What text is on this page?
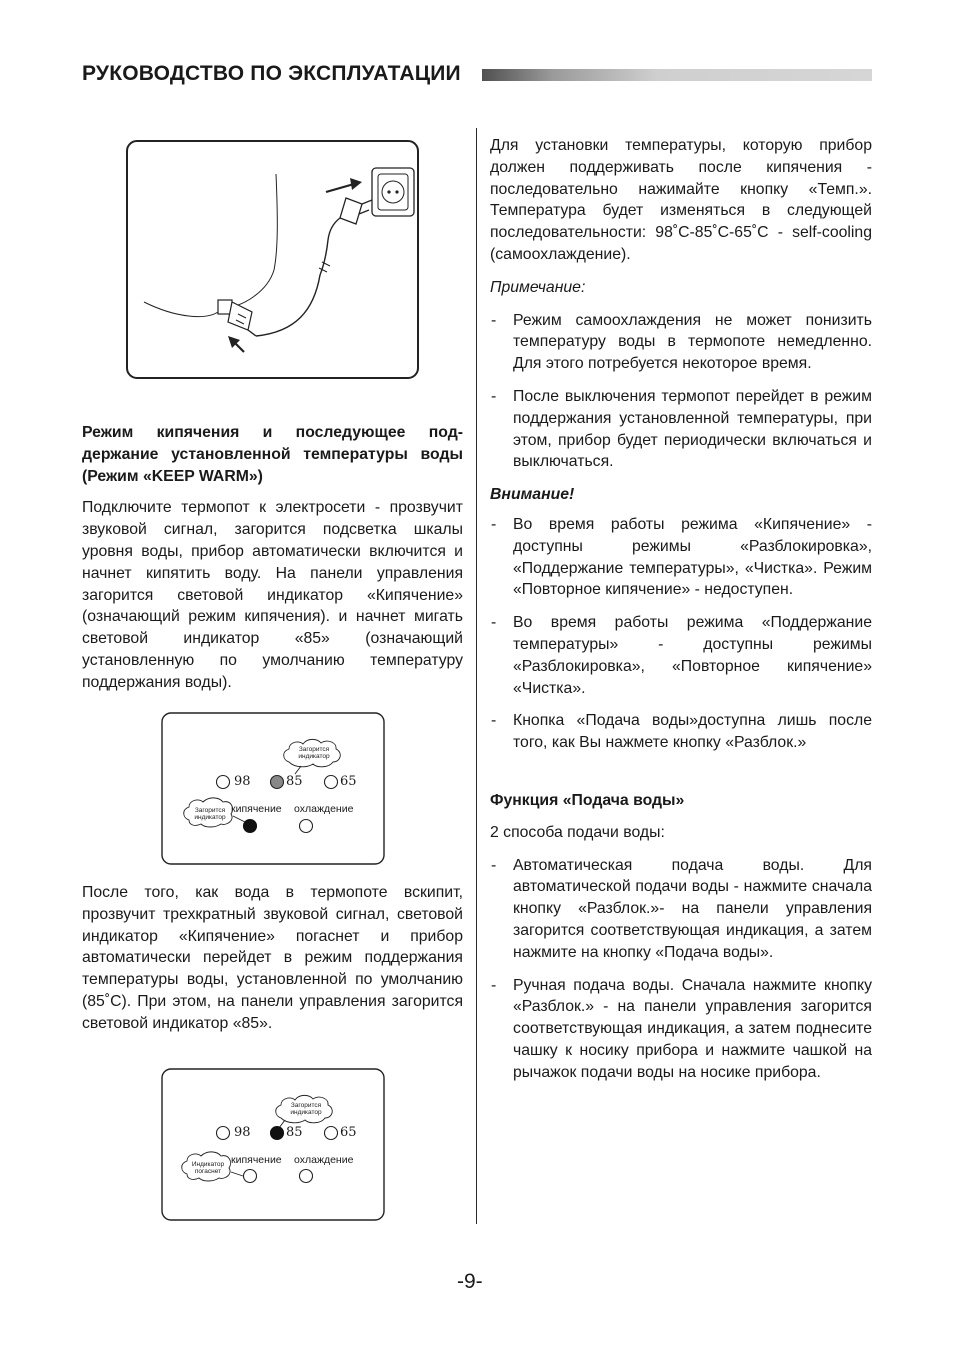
РУКОВОДСТВО ПО ЭКСПЛУАТАЦИИ

Режим кипячения и последующее под-держание установленной температуры воды (Режим «KEEP WARM»)

Подключите термопот к электросети - прозвучит звуковой сигнал, загорится подсветка шкалы уровня воды, прибор автоматически включится и начнет кипятить воду. На панели управления загорится световой индикатор «Кипячение» (означающий режим кипячения). и начнет мигать световой индикатор «85» (означающий установленную по умолчанию температуру поддержания воды).

98	85	65
кипячение охлаждение
Загорится
индикатор
Загорится
индикатор

После того, как вода в термопоте вскипит, прозвучит трехкратный звуковой сигнал, световой индикатор «Кипячение» погаснет и прибор автоматически перейдет в режим поддержания температуры воды, установленной по умолчанию (85˚C). При этом, на панели управления загорится световой индикатор «85».

98	85	65
кипячение охлаждение
Загорится
индикатор
Индикатор
погаснет

Для установки температуры, которую прибор должен поддерживать после кипячения - последовательно нажимайте кнопку «Темп.». Температура будет изменяться в следующей последовательности: 98˚C-85˚C-65˚C - self-cooling (самоохлаждение).

Примечание:

- Режим самоохлаждения не может понизить температуру воды в термопоте немедленно. Для этого потребуется некоторое время.
- После выключения термопот перейдет в режим поддержания установленной температуры, при этом, прибор будет периодически включаться и выключаться.

Внимание!

- Во время работы режима «Кипячение» - доступны режимы «Разблокировка», «Поддержание температуры», «Чистка». Режим «Повторное кипячение» - недоступен.
- Во время работы режима «Поддержание температуры» - доступны режимы «Разблокировка», «Повторное кипячение» «Чистка».
- Кнопка «Подача воды»доступна лишь после того, как Вы нажмете кнопку «Разблок.»

Функция «Подача воды»

2 способа подачи воды:

- Автоматическая подача воды. Для автоматической подачи воды - нажмите сначала кнопку «Разблок.»- на панели управления загорится соответствующая индикация, а затем нажмите на кнопку «Подача воды».
- Ручная подача воды. Сначала нажмите кнопку «Разблок.» - на панели управления загорится соответствующая индикация, а затем поднесите чашку к носику прибора и нажмите чашкой на рычажок подачи воды на носике прибора.
-9-
